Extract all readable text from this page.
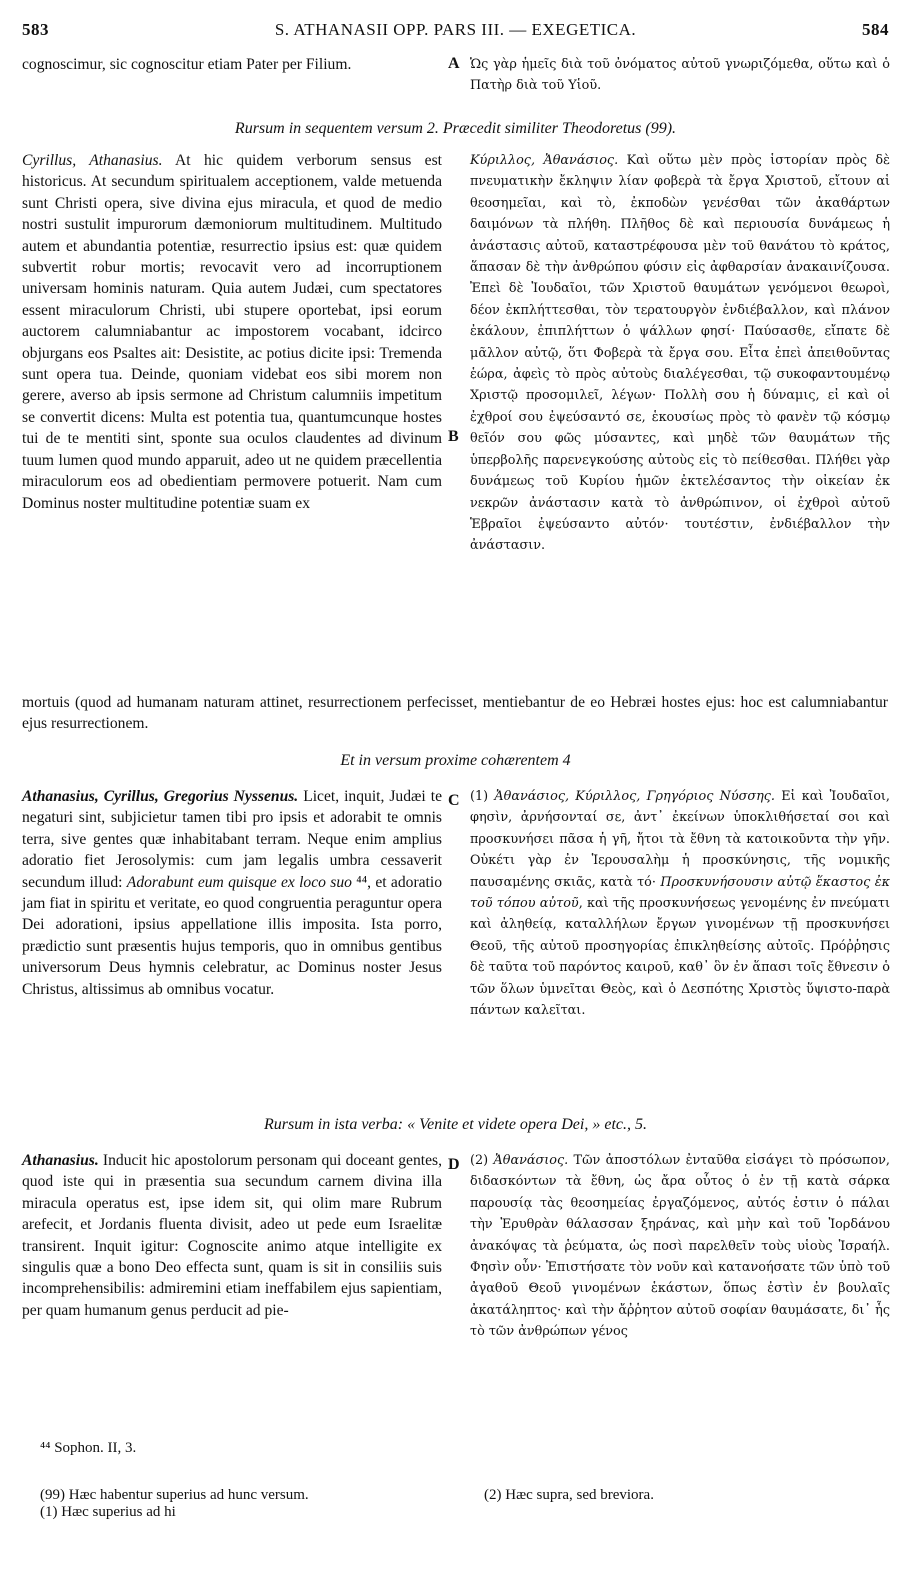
583	S. ATHANASII OPP. PARS III. — EXEGETICA.	584

cognoscimur, sic cognoscitur etiam Pater per Filium.	A Ὡς γὰρ ἡμεῖς διὰ τοῦ ὀνόματος αὐτοῦ γνωριζόμεθα, οὕτω καὶ ὁ Πατὴρ διὰ τοῦ Υἱοῦ.

Rursum in sequentem versum 2. Præcedit similiter Theodoretus (99).

Cyrillus, Athanasius. At hic quidem verborum sensus est historicus. At secundum spiritualem acceptionem, valde metuenda sunt Christi opera, sive divina ejus miracula, et quod de medio nostri sustulit impurorum dæmoniorum multitudinem. Multitudo autem et abundantia potentiæ, resurrectio ipsius est: quæ quidem subvertit robur mortis; revocavit vero ad incorruptionem universam hominis naturam. Quia autem Judæi, cum spectatores essent miraculorum Christi, ubi stupere oportebat, ipsi eorum auctorem calumniabantur ac impostorem vocabant, idcirco objurgans eos Psaltes ait: Desistite, ac potius dicite ipsi: Tremenda sunt opera tua. Deinde, quoniam videbat eos sibi morem non gerere, averso ab ipsis sermone ad Christum calumniis impetitum se convertit dicens: Multa est potentia tua, quantumcunque hostes tui de te mentiti sint, sponte sua oculos claudentes ad divinum tuum lumen quod mundo apparuit, adeo ut ne quidem præcellentia miraculorum eos ad obedientiam permovere potuerit. Nam cum Dominus noster multitudine potentiæ suam ex

B

Κύριλλος, Ἀθανάσιος. Καὶ οὕτω μὲν πρὸς ἱστορίαν πρὸς δὲ πνευματικὴν ἔκληψιν λίαν φοβερὰ τὰ ἔργα Χριστοῦ, εἴτουν αἱ θεοσημεῖαι, καὶ τὸ, ἐκποδὼν γενέσθαι τῶν ἀκαθάρτων δαιμόνων τὰ πλήθη. Πλῆθος δὲ καὶ περιουσία δυνάμεως ἡ ἀνάστασις αὐτοῦ, καταστρέφουσα μὲν τοῦ θανάτου τὸ κράτος, ἅπασαν δὲ τὴν ἀνθρώπου φύσιν εἰς ἀφθαρσίαν ἀνακαινίζουσα. Ἐπεὶ δὲ Ἰουδαῖοι, τῶν Χριστοῦ θαυμάτων γενόμενοι θεωροὶ, δέον ἐκπλήττεσθαι, τὸν τερατουργὸν ἐνδιέβαλλον, καὶ πλάνον ἐκάλουν, ἐπιπλήττων ὁ ψάλλων φησί· Παύσασθε, εἴπατε δὲ μᾶλλον αὐτῷ, ὅτι Φοβερὰ τὰ ἔργα σου. Εἶτα ἐπεὶ ἀπειθοῦντας ἑώρα, ἀφεὶς τὸ πρὸς αὐτοὺς διαλέγεσθαι, τῷ συκοφαντουμένῳ Χριστῷ προσομιλεῖ, λέγων· Πολλὴ σου ἡ δύναμις, εἰ καὶ οἱ ἐχθροί σου ἐψεύσαντό σε, ἑκουσίως πρὸς τὸ φανὲν τῷ κόσμῳ θεῖόν σου φῶς μύσαντες, καὶ μηδὲ τῶν θαυμάτων τῆς ὑπερβολῆς παρενεγκούσης αὐτοὺς εἰς τὸ πείθεσθαι. Πλήθει γὰρ δυνάμεως τοῦ Κυρίου ἡμῶν ἐκτελέσαντος τὴν οἰκείαν ἐκ νεκρῶν ἀνάστασιν κατὰ τὸ ἀνθρώπινον, οἱ ἐχθροὶ αὐτοῦ Ἑβραῖοι ἐψεύσαντο αὐτόν· τουτέστιν, ἐνδιέβαλλον τὴν ἀνάστασιν.

mortuis (quod ad humanam naturam attinet, resurrectionem perfecisset, mentiebantur de eo Hebræi hostes ejus: hoc est calumniabantur ejus resurrectionem.
Et in versum proxime cohærentem 4

Athanasius, Cyrillus, Gregorius Nyssenus. Licet, inquit, Judæi te negaturi sint, subjicietur tamen tibi pro ipsis et adorabit te omnis terra, sive gentes quæ inhabitabant terram. Neque enim amplius adoratio fiet Jerosolymis: cum jam legalis umbra cessaverit secundum illud: Adorabunt eum quisque ex loco suo ⁴⁴, et adoratio jam fiat in spiritu et veritate, eo quod congruentia peraguntur opera Dei adorationi, ipsius appellatione illis imposita. Ista porro, prædictio sunt præsentis hujus temporis, quo in omnibus gentibus universorum Deus hymnis celebratur, ac Dominus noster Jesus Christus, altissimus ab omnibus vocatur.

C (1) Ἀθανάσιος, Κύριλλος, Γρηγόριος Νύσσης. Εἰ καὶ Ἰουδαῖοι, φησὶν, ἀρνήσονταί σε, ἀντ᾽ ἐκείνων ὑποκλιθήσεταί σοι καὶ προσκυνήσει πᾶσα ἡ γῆ, ἤτοι τὰ ἔθνη τὰ κατοικοῦντα τὴν γῆν. Οὐκέτι γὰρ ἐν Ἱερουσαλὴμ ἡ προσκύνησις, τῆς νομικῆς παυσαμένης σκιᾶς, κατὰ τό· Προσκυνήσουσιν αὐτῷ ἕκαστος ἐκ τοῦ τόπου αὐτοῦ, καὶ τῆς προσκυνήσεως γενομένης ἐν πνεύματι καὶ ἀληθείᾳ, καταλλήλων ἔργων γινομένων τῇ προσκυνήσει Θεοῦ, τῆς αὐτοῦ προσηγορίας ἐπικληθείσης αὐτοῖς. Πρόῤῥησις δὲ ταῦτα τοῦ παρόντος καιροῦ, καθ᾽ ὃν ἐν ἅπασι τοῖς ἔθνεσιν ὁ τῶν ὅλων ὑμνεῖται Θεὸς, καὶ ὁ Δεσπότης Χριστὸς ὕψιστο‑παρὰ πάντων καλεῖται.

Rursum in ista verba: « Venite et videte opera Dei, » etc., 5.

Athanasius. Inducit hic apostolorum personam qui doceant gentes, quod iste qui in præsentia sua secundum carnem divina illa miracula operatus est, ipse idem sit, qui olim mare Rubrum arefecit, et Jordanis fluenta divisit, adeo ut pede eum Israelitæ transirent. Inquit igitur: Cognoscite animo atque intelligite ex singulis quæ a bono Deo effecta sunt, quam is sit in consiliis suis incomprehensibilis: admiremini etiam ineffabilem ejus sapientiam, per quam humanum genus perducit ad pie-

D (2) Ἀθανάσιος. Τῶν ἀποστόλων ἐνταῦθα εἰσάγει τὸ πρόσωπον, διδασκόντων τὰ ἔθνη, ὡς ἄρα οὗτος ὁ ἐν τῇ κατὰ σάρκα παρουσίᾳ τὰς θεοσημείας ἐργαζόμενος, αὐτός ἐστιν ὁ πάλαι τὴν Ἐρυθρὰν θάλασσαν ξηράνας, καὶ μὴν καὶ τοῦ Ἰορδάνου ἀνακόψας τὰ ῥεύματα, ὡς ποσὶ παρελθεῖν τοὺς υἱοὺς Ἰσραήλ. Φησὶν οὖν· Ἐπιστήσατε τὸν νοῦν καὶ κατανοήσατε τῶν ὑπὸ τοῦ ἀγαθοῦ Θεοῦ γινομένων ἑκάστων, ὅπως ἐστὶν ἐν βουλαῖς ἀκατάληπτος· καὶ τὴν ἄῤῥητον αὐτοῦ σοφίαν θαυμάσατε, δι᾽ ἧς τὸ τῶν ἀνθρώπων γένος

⁴⁴ Sophon. II, 3.
(99) Hæc habentur superius ad hunc versum.
(1) Hæc superius ad hi
(2) Hæc supra, sed breviora.
